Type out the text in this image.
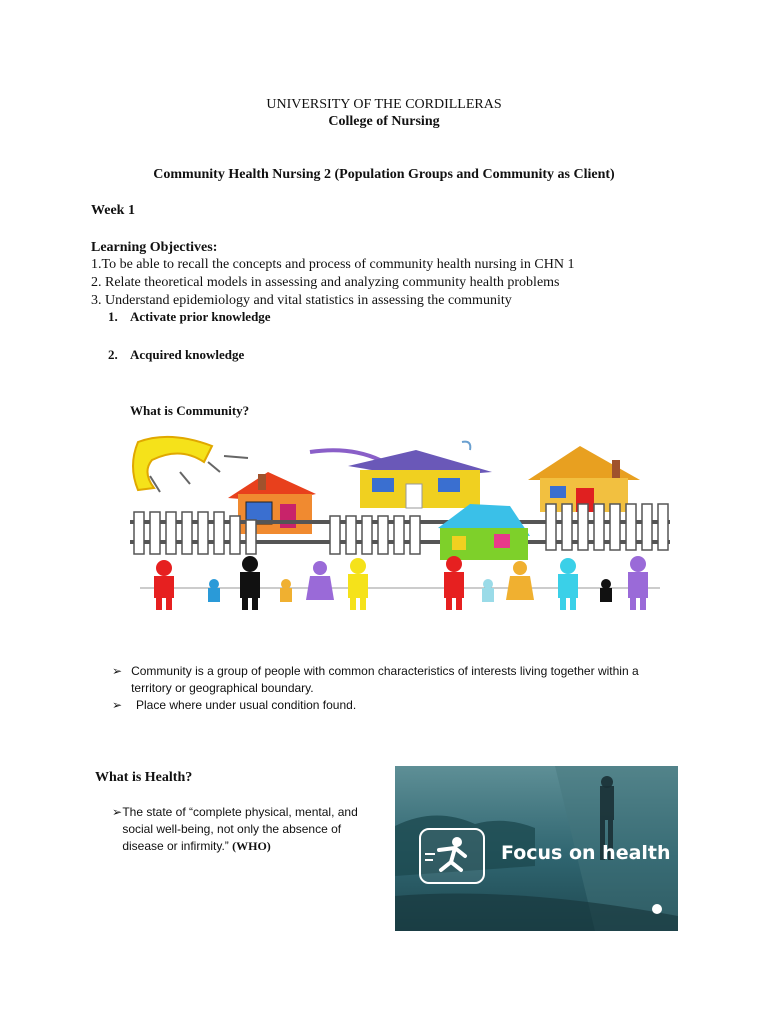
UNIVERSITY OF THE CORDILLERAS
College of Nursing
Community Health Nursing 2 (Population Groups and Community as Client)
Week 1
Learning Objectives:
1.To be able to recall the concepts and process of community health nursing in CHN 1
2. Relate theoretical models in assessing and analyzing community health problems
3. Understand epidemiology and vital statistics in assessing the community
1. Activate prior knowledge
2. Acquired knowledge
What is Community?
➢ Community is a group of people with common characteristics of interests living together within a territory or geographical boundary.
➢	Place where under usual condition found.
What is Health?
➢ The state of “complete physical, mental, and social well-being, not only the absence of disease or infirmity.” (WHO)	Focus on health
